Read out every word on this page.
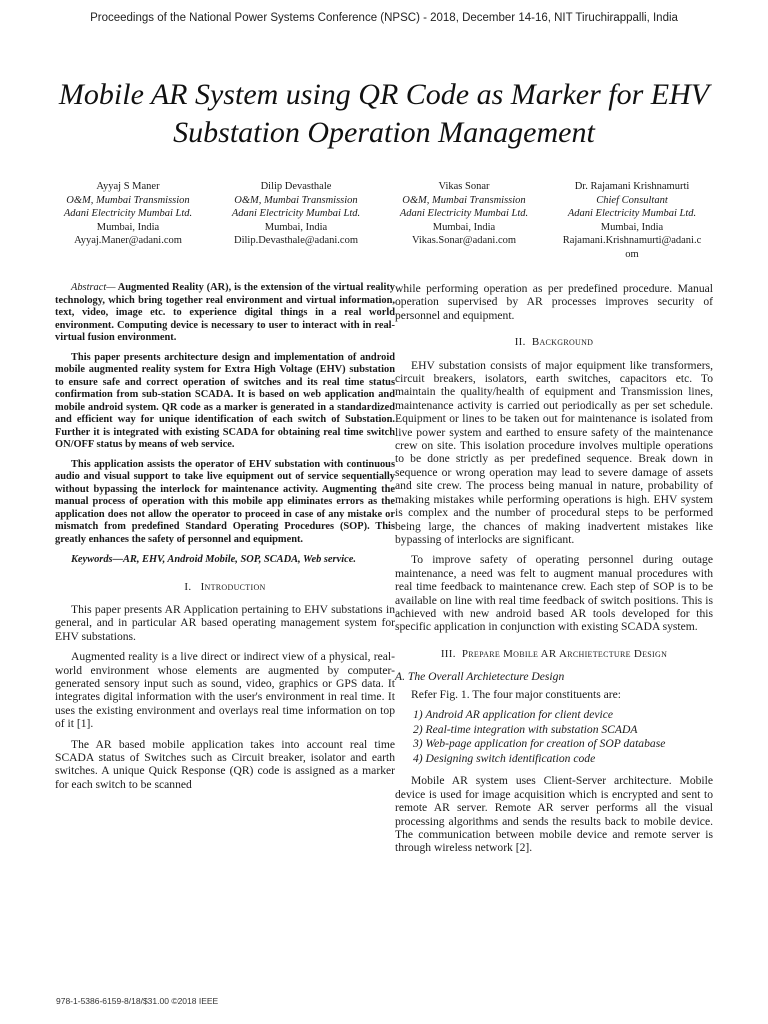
Proceedings of the National Power Systems Conference (NPSC) - 2018, December 14-16, NIT Tiruchirappalli, India
Mobile AR System using QR Code as Marker for EHV
Substation Operation Management
Ayyaj S Maner
O&M, Mumbai Transmission
Adani Electricity Mumbai Ltd.
Mumbai, India
Ayyaj.Maner@adani.com
Dilip Devasthale
O&M, Mumbai Transmission
Adani Electricity Mumbai Ltd.
Mumbai, India
Dilip.Devasthale@adani.com
Vikas Sonar
O&M, Mumbai Transmission
Adani Electricity Mumbai Ltd.
Mumbai, India
Vikas.Sonar@adani.com
Dr. Rajamani Krishnamurti
Chief Consultant
Adani Electricity Mumbai Ltd.
Mumbai, India
Rajamani.Krishnamurti@adani.c
om

Abstract— Augmented Reality (AR), is the extension of the virtual reality technology, which bring together real environment and virtual information, text, video, image etc. to experience digital things in a real world environment. Computing device is necessary to user to interact with in real-virtual fusion environment.

This paper presents architecture design and implementation of android mobile augmented reality system for Extra High Voltage (EHV) substation to ensure safe and correct operation of switches and its real time status confirmation from sub-station SCADA. It is based on web application and mobile android system. QR code as a marker is generated in a standardized and efficient way for unique identification of each switch of Substation. Further it is integrated with existing SCADA for obtaining real time switch ON/OFF status by means of web service.

This application assists the operator of EHV substation with continuous audio and visual support to take live equipment out of service sequentially without bypassing the interlock for maintenance activity. Augmenting the manual process of operation with this mobile app eliminates errors as the application does not allow the operator to proceed in case of any mistake or mismatch from predefined Standard Operating Procedures (SOP). This greatly enhances the safety of personnel and equipment.

Keywords—AR, EHV, Android Mobile, SOP, SCADA, Web service.
I. Introduction

This paper presents AR Application pertaining to EHV substations in general, and in particular AR based operating management system for EHV substations.

Augmented reality is a live direct or indirect view of a physical, real-world environment whose elements are augmented by computer-generated sensory input such as sound, video, graphics or GPS data. It integrates digital information with the user's environment in real time. It uses the existing environment and overlays real time information on top of it [1].

The AR based mobile application takes into account real time SCADA status of Switches such as Circuit breaker, isolator and earth switches. A unique Quick Response (QR) code is assigned as a marker for each switch to be scanned

while performing operation as per predefined procedure. Manual operation supervised by AR processes improves security of personnel and equipment.

II. Background

EHV substation consists of major equipment like transformers, circuit breakers, isolators, earth switches, capacitors etc. To maintain the quality/health of equipment and Transmission lines, maintenance activity is carried out periodically as per set schedule. Equipment or lines to be taken out for maintenance is isolated from live power system and earthed to ensure safety of the maintenance crew on site. This isolation procedure involves multiple operations to be done strictly as per predefined sequence. Break down in sequence or wrong operation may lead to severe damage of assets and site crew. The process being manual in nature, probability of making mistakes while performing operations is high. EHV system is complex and the number of procedural steps to be performed being large, the chances of making inadvertent mistakes like bypassing of interlocks are significant.

To improve safety of operating personnel during outage maintenance, a need was felt to augment manual procedures with real time feedback to maintenance crew. Each step of SOP is to be available on line with real time feedback of switch positions. This is achieved with new android based AR tools developed for this specific application in conjunction with existing SCADA system.

III. Prepare Mobile AR Archietecture Design
A. The Overall Archietecture Design

Refer Fig. 1. The four major constituents are:

1) Android AR application for client device
2) Real-time integration with substation SCADA
3) Web-page application for creation of SOP database
4) Designing switch identification code

Mobile AR system uses Client-Server architecture. Mobile device is used for image acquisition which is encrypted and sent to remote AR server. Remote AR server performs all the visual processing algorithms and sends the results back to mobile device. The communication between mobile device and remote server is through wireless network [2].

978-1-5386-6159-8/18/$31.00 ©2018 IEEE
